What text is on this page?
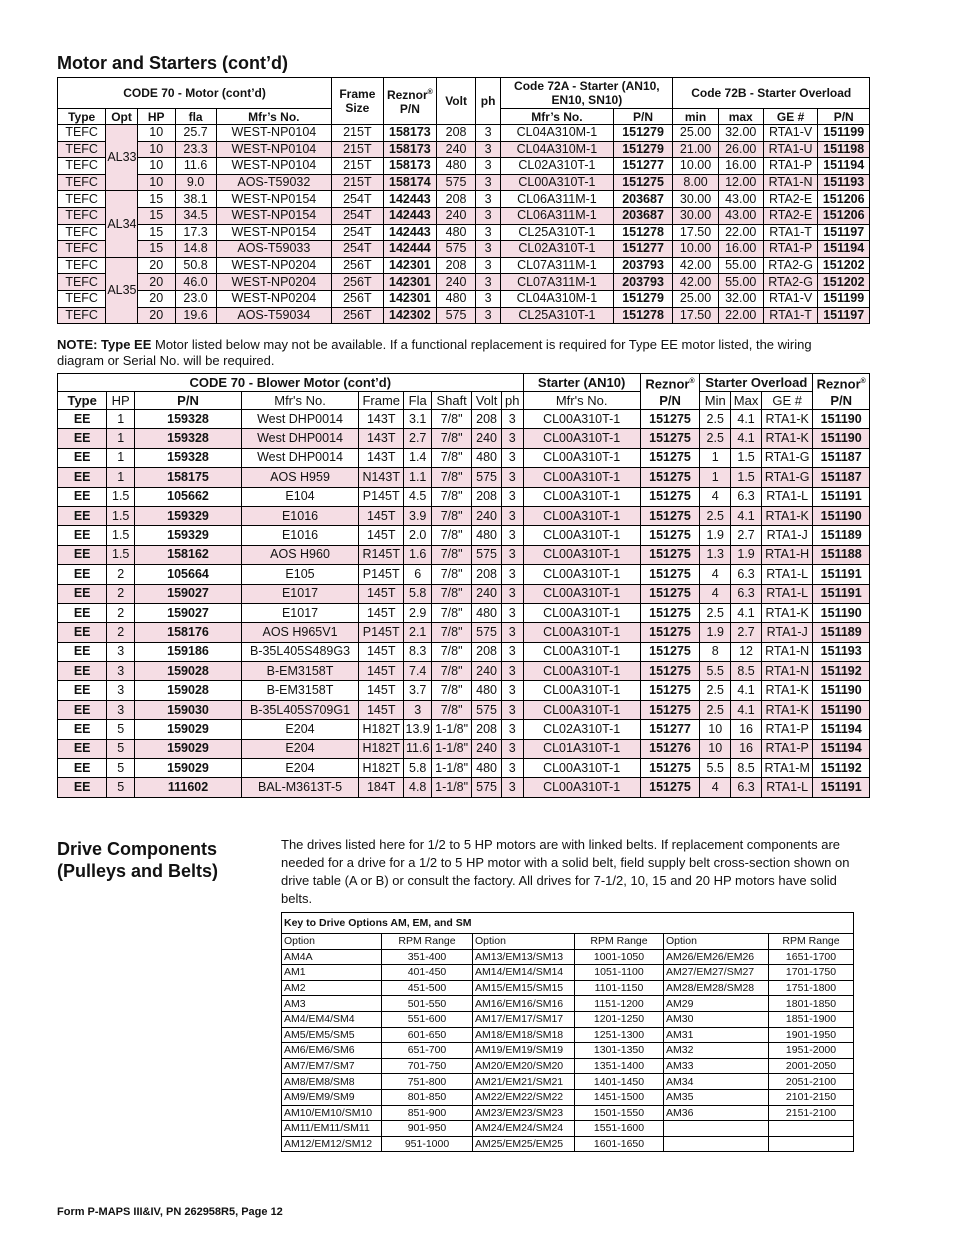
Motor and Starters (cont’d)
CODE 70 - Motor (cont’d)					Frame Size	Reznor®
P/N	Volt	ph	Code 72A - Starter (AN10, EN10, SN10)		Code 72B - Starter Overload			
Type	Opt	HP	fla	Mfr’s No.					Mfr’s No.	P/N	min	max	GE #	P/N
TEFC	AL33	10	25.7	WEST-NP0104	215T	158173	208	3	CL04A310M-1	151279	25.00	32.00	RTA1-V	151199
TEFC		10	23.3	WEST-NP0104	215T	158173	240	3	CL04A310M-1	151279	21.00	26.00	RTA1-U	151198
TEFC		10	11.6	WEST-NP0104	215T	158173	480	3	CL02A310T-1	151277	10.00	16.00	RTA1-P	151194
TEFC		10	9.0	AOS-T59032	215T	158174	575	3	CL00A310T-1	151275	8.00	12.00	RTA1-N	151193
TEFC	AL34	15	38.1	WEST-NP0154	254T	142443	208	3	CL06A311M-1	203687	30.00	43.00	RTA2-E	151206
TEFC		15	34.5	WEST-NP0154	254T	142443	240	3	CL06A311M-1	203687	30.00	43.00	RTA2-E	151206
TEFC		15	17.3	WEST-NP0154	254T	142443	480	3	CL25A310T-1	151278	17.50	22.00	RTA1-T	151197
TEFC		15	14.8	AOS-T59033	254T	142444	575	3	CL02A310T-1	151277	10.00	16.00	RTA1-P	151194
TEFC	AL35	20	50.8	WEST-NP0204	256T	142301	208	3	CL07A311M-1	203793	42.00	55.00	RTA2-G	151202
TEFC		20	46.0	WEST-NP0204	256T	142301	240	3	CL07A311M-1	203793	42.00	55.00	RTA2-G	151202
TEFC		20	23.0	WEST-NP0204	256T	142301	480	3	CL04A310M-1	151279	25.00	32.00	RTA1-V	151199
TEFC		20	19.6	AOS-T59034	256T	142302	575	3	CL25A310T-1	151278	17.50	22.00	RTA1-T	151197
NOTE: Type EE Motor listed below may not be available. If a functional replacement is required for Type EE motor listed, the wiring diagram or Serial No. will be required.
CODE 70 - Blower Motor (cont’d)									Starter (AN10)	Reznor®
P/N	Starter Overload			Reznor®
P/N
Type	HP	P/N	Mfr's No.	Frame	Fla	Shaft	Volt	ph	Mfr's No.		Min	Max	GE #	
EE	1	159328	West DHP0014	143T	3.1	7/8"	208	3	CL00A310T-1	151275	2.5	4.1	RTA1-K	151190
EE	1	159328	West DHP0014	143T	2.7	7/8"	240	3	CL00A310T-1	151275	2.5	4.1	RTA1-K	151190
EE	1	159328	West DHP0014	143T	1.4	7/8"	480	3	CL00A310T-1	151275	1	1.5	RTA1-G	151187
EE	1	158175	AOS H959	N143T	1.1	7/8"	575	3	CL00A310T-1	151275	1	1.5	RTA1-G	151187
EE	1.5	105662	E104	P145T	4.5	7/8"	208	3	CL00A310T-1	151275	4	6.3	RTA1-L	151191
EE	1.5	159329	E1016	145T	3.9	7/8"	240	3	CL00A310T-1	151275	2.5	4.1	RTA1-K	151190
EE	1.5	159329	E1016	145T	2.0	7/8"	480	3	CL00A310T-1	151275	1.9	2.7	RTA1-J	151189
EE	1.5	158162	AOS H960	R145T	1.6	7/8"	575	3	CL00A310T-1	151275	1.3	1.9	RTA1-H	151188
EE	2	105664	E105	P145T	6	7/8"	208	3	CL00A310T-1	151275	4	6.3	RTA1-L	151191
EE	2	159027	E1017	145T	5.8	7/8"	240	3	CL00A310T-1	151275	4	6.3	RTA1-L	151191
EE	2	159027	E1017	145T	2.9	7/8"	480	3	CL00A310T-1	151275	2.5	4.1	RTA1-K	151190
EE	2	158176	AOS H965V1	P145T	2.1	7/8"	575	3	CL00A310T-1	151275	1.9	2.7	RTA1-J	151189
EE	3	159186	B-35L405S489G3	145T	8.3	7/8"	208	3	CL00A310T-1	151275	8	12	RTA1-N	151193
EE	3	159028	B-EM3158T	145T	7.4	7/8"	240	3	CL00A310T-1	151275	5.5	8.5	RTA1-N	151192
EE	3	159028	B-EM3158T	145T	3.7	7/8"	480	3	CL00A310T-1	151275	2.5	4.1	RTA1-K	151190
EE	3	159030	B-35L405S709G1	145T	3	7/8"	575	3	CL00A310T-1	151275	2.5	4.1	RTA1-K	151190
EE	5	159029	E204	H182T	13.9	1-1/8"	208	3	CL02A310T-1	151277	10	16	RTA1-P	151194
EE	5	159029	E204	H182T	11.6	1-1/8"	240	3	CL01A310T-1	151276	10	16	RTA1-P	151194
EE	5	159029	E204	H182T	5.8	1-1/8"	480	3	CL00A310T-1	151275	5.5	8.5	RTA1-M	151192
EE	5	111602	BAL-M3613T-5	184T	4.8	1-1/8"	575	3	CL00A310T-1	151275	4	6.3	RTA1-L	151191
Drive Components (Pulleys and Belts)
The drives listed here for 1/2 to 5 HP motors are with linked belts. If replacement components are needed for a drive for a 1/2 to 5 HP motor with a solid belt, field supply belt cross-section shown on drive table (A or B) or consult the factory. All drives for 7-1/2, 10, 15 and 20 HP motors have solid belts.
Key to Drive Options AM, EM, and SM					
Option	RPM Range	Option	RPM Range	Option	RPM Range
AM4A	351-400	AM13/EM13/SM13	1001-1050	AM26/EM26/EM26	1651-1700
AM1	401-450	AM14/EM14/SM14	1051-1100	AM27/EM27/SM27	1701-1750
AM2	451-500	AM15/EM15/SM15	1101-1150	AM28/EM28/SM28	1751-1800
AM3	501-550	AM16/EM16/SM16	1151-1200	AM29	1801-1850
AM4/EM4/SM4	551-600	AM17/EM17/SM17	1201-1250	AM30	1851-1900
AM5/EM5/SM5	601-650	AM18/EM18/SM18	1251-1300	AM31	1901-1950
AM6/EM6/SM6	651-700	AM19/EM19/SM19	1301-1350	AM32	1951-2000
AM7/EM7/SM7	701-750	AM20/EM20/SM20	1351-1400	AM33	2001-2050
AM8/EM8/SM8	751-800	AM21/EM21/SM21	1401-1450	AM34	2051-2100
AM9/EM9/SM9	801-850	AM22/EM22/SM22	1451-1500	AM35	2101-2150
AM10/EM10/SM10	851-900	AM23/EM23/SM23	1501-1550	AM36	2151-2100
AM11/EM11/SM11	901-950	AM24/EM24/SM24	1551-1600		
AM12/EM12/SM12	951-1000	AM25/EM25/EM25	1601-1650		
Form P-MAPS III&IV, PN 262958R5, Page 12
